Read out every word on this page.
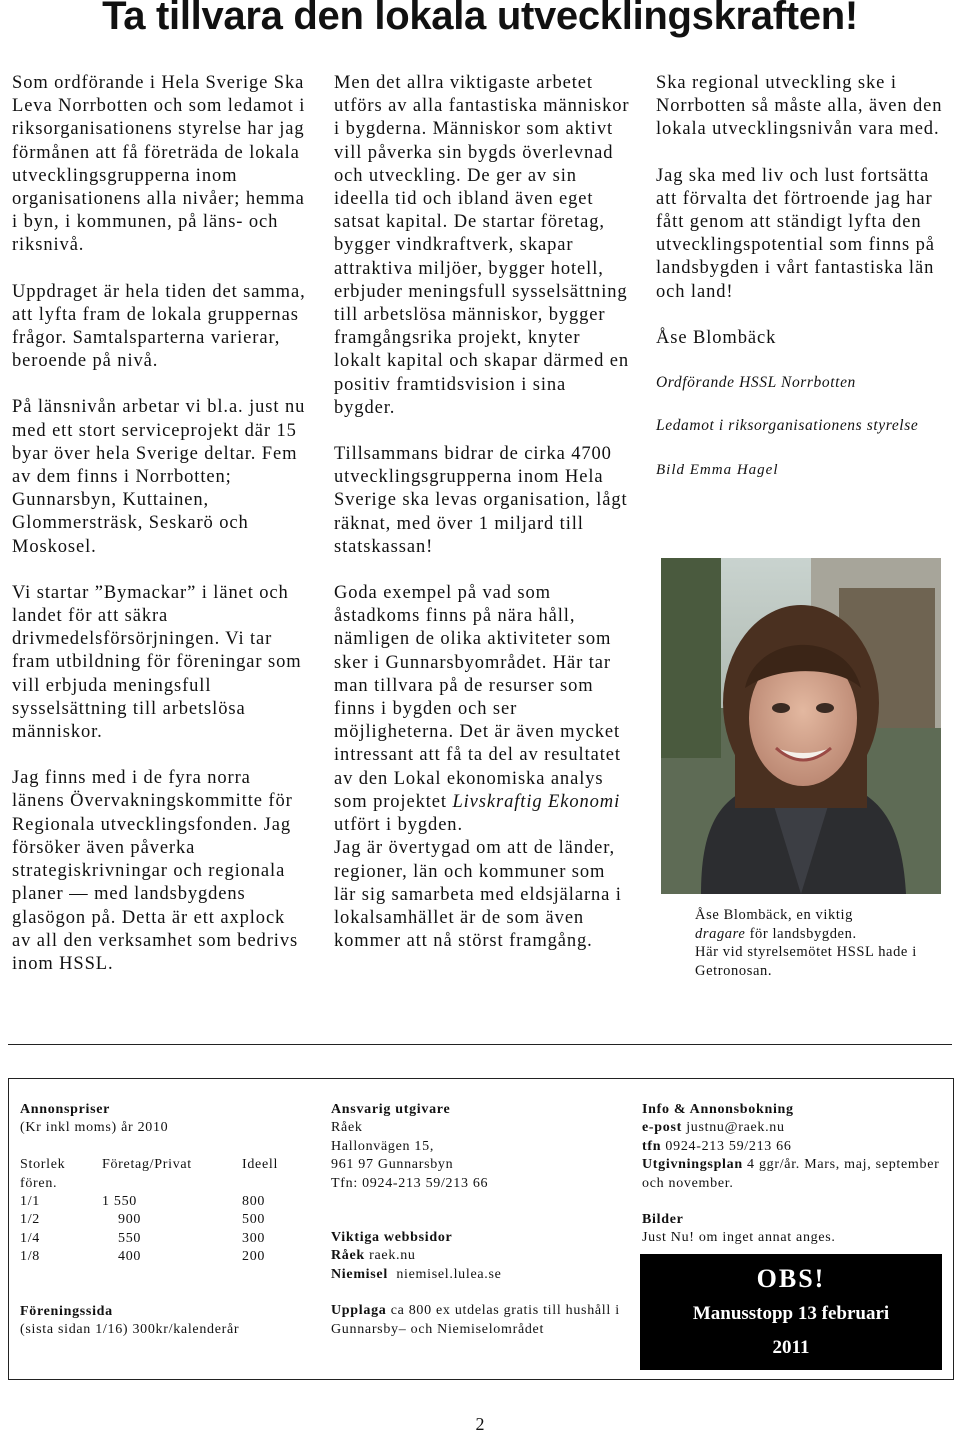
Ta tillvara den lokala utvecklingskraften!

Som ordförande i Hela Sverige Ska Leva Norrbotten och som ledamot i riksorganisationens styrelse har jag förmånen att få företräda de lokala utvecklingsgrupperna inom organisationens alla nivåer; hemma i byn, i kommunen, på läns- och riksnivå.

Uppdraget är hela tiden det samma, att lyfta fram de lokala gruppernas frågor. Samtalsparterna varierar, beroende på nivå.

På länsnivån arbetar vi bl.a. just nu med ett stort serviceprojekt där 15 byar över hela Sverige deltar. Fem av dem finns i Norrbotten; Gunnarsbyn, Kuttainen, Glommersträsk, Seskarö och Moskosel.

Vi startar ”Bymackar” i länet och landet för att säkra drivmedelsförsörjningen. Vi tar fram utbildning för föreningar som vill erbjuda meningsfull sysselsättning till arbetslösa människor.

Jag finns med i de fyra norra länens Övervakningskommitte för Regionala utvecklingsfonden. Jag försöker även påverka strategiskrivningar och regionala planer — med landsbygdens glasögon på. Detta är ett axplock av all den verksamhet som bedrivs inom HSSL.

Men det allra viktigaste arbetet utförs av alla fantastiska människor i bygderna. Människor som aktivt vill påverka sin bygds överlevnad och utveckling. De ger av sin ideella tid och ibland även eget satsat kapital. De startar företag, bygger vindkraftverk, skapar attraktiva miljöer, bygger hotell, erbjuder meningsfull sysselsättning till arbetslösa människor, bygger framgångsrika projekt, knyter lokalt kapital och skapar därmed en positiv framtidsvision i sina bygder.

Tillsammans bidrar de cirka 4700 utvecklingsgrupperna inom Hela Sverige ska levas organisation, lågt räknat, med över 1 miljard till statskassan!

Goda exempel på vad som åstadkoms finns på nära håll, nämligen de olika aktiviteter som sker i Gunnarsbyområdet. Här tar man tillvara på de resurser som finns i bygden och ser möjligheterna. Det är även mycket intressant att få ta del av resultatet av den Lokal ekonomiska analys som projektet Livskraftig Ekonomi utfört i bygden.

Jag är övertygad om att de länder, regioner, län och kommuner som lär sig samarbeta med eldsjälarna i lokalsamhället är de som även kommer att nå störst framgång.

Ska regional utveckling ske i Norrbotten så måste alla, även den lokala utvecklingsnivån vara med.

Jag ska med liv och lust fortsätta att förvalta det förtroende jag har fått genom att ständigt lyfta den utvecklingspotential som finns på landsbygden i vårt fantastiska län och land!

Åse Blombäck

Ordförande HSSL Norrbotten

Ledamot i riksorganisationens styrelse

Bild Emma Hagel

Åse Blombäck, en viktig
dragare för landsbygden.
Här vid styrelsemötet HSSL hade i Getronosan.
Annonspriser
(Kr inkl moms) år 2010
Storlek	Företag/Privat	Ideell
fören.		
1/1	1 550	800
1/2	900	500
1/4	550	300
1/8	400	200
Föreningssida
(sista sidan 1/16) 300kr/kalenderår
Ansvarig utgivare
Råek
Hallonvägen 15,
961 97 Gunnarsbyn
Tfn: 0924-213 59/213 66
Viktiga webbsidor
Råek raek.nu
Niemisel niemisel.lulea.se
Upplaga ca 800 ex utdelas gratis till hushåll i Gunnarsby– och Niemiselområdet
Info & Annonsbokning
e-post justnu@raek.nu
tfn 0924-213 59/213 66
Utgivningsplan 4 ggr/år. Mars, maj, september och november.
Bilder
Just Nu! om inget annat anges.
OBS!
Manusstopp 13 februari
2011
2
